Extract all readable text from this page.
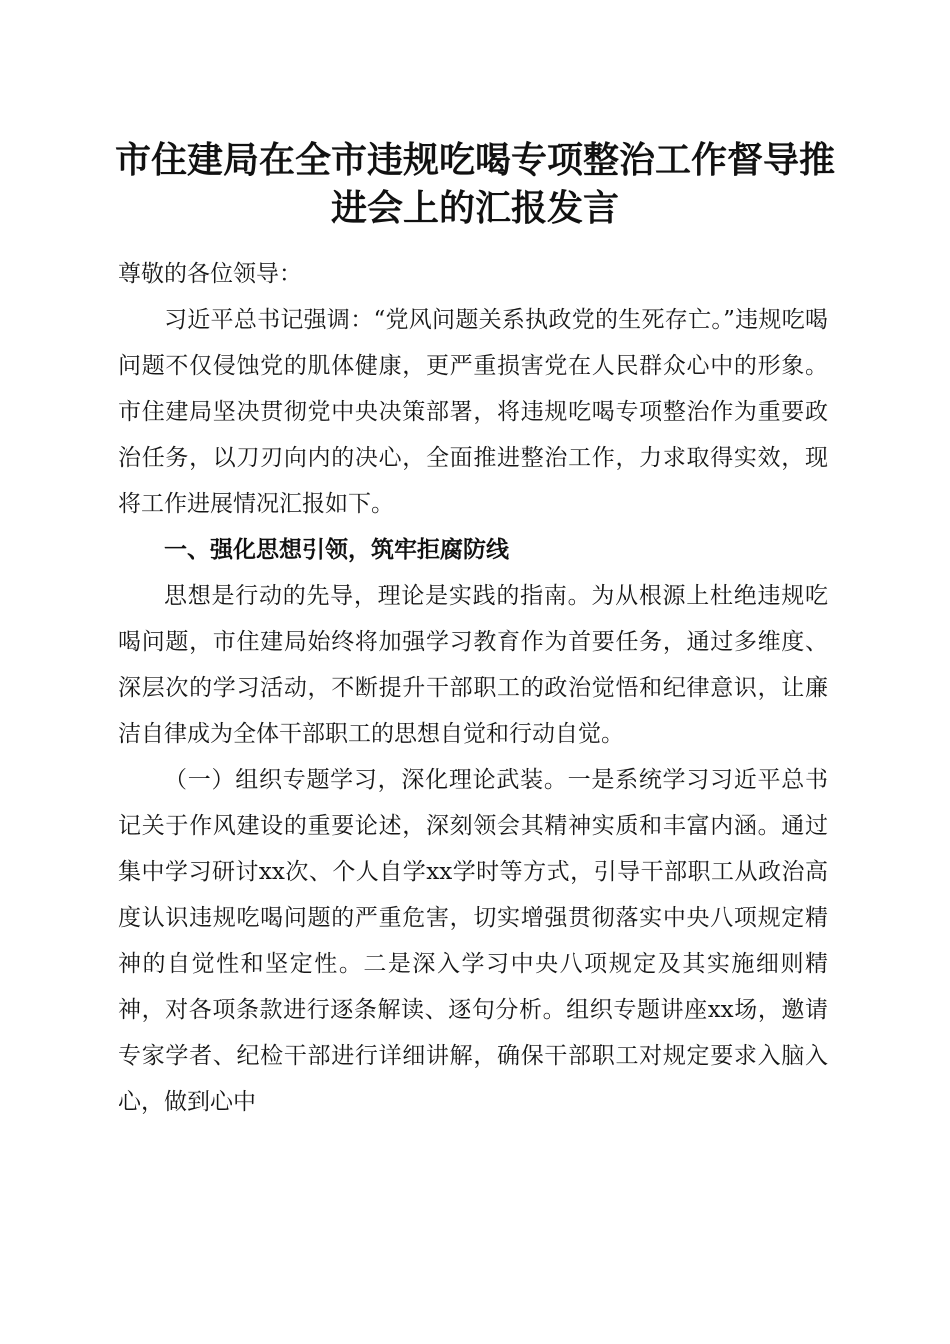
市住建局在全市违规吃喝专项整治工作督导推进会上的汇报发言

尊敬的各位领导：

习近平总书记强调：“党风问题关系执政党的生死存亡。”违规吃喝问题不仅侵蚀党的肌体健康，更严重损害党在人民群众心中的形象。市住建局坚决贯彻党中央决策部署，将违规吃喝专项整治作为重要政治任务，以刀刃向内的决心，全面推进整治工作，力求取得实效，现将工作进展情况汇报如下。

一、强化思想引领，筑牢拒腐防线

思想是行动的先导，理论是实践的指南。为从根源上杜绝违规吃喝问题，市住建局始终将加强学习教育作为首要任务，通过多维度、深层次的学习活动，不断提升干部职工的政治觉悟和纪律意识，让廉洁自律成为全体干部职工的思想自觉和行动自觉。

（一）组织专题学习，深化理论武装。一是系统学习习近平总书记关于作风建设的重要论述，深刻领会其精神实质和丰富内涵。通过集中学习研讨xx次、个人自学xx学时等方式，引导干部职工从政治高度认识违规吃喝问题的严重危害，切实增强贯彻落实中央八项规定精神的自觉性和坚定性。二是深入学习中央八项规定及其实施细则精神，对各项条款进行逐条解读、逐句分析。组织专题讲座xx场，邀请专家学者、纪检干部进行详细讲解，确保干部职工对规定要求入脑入心，做到心中
